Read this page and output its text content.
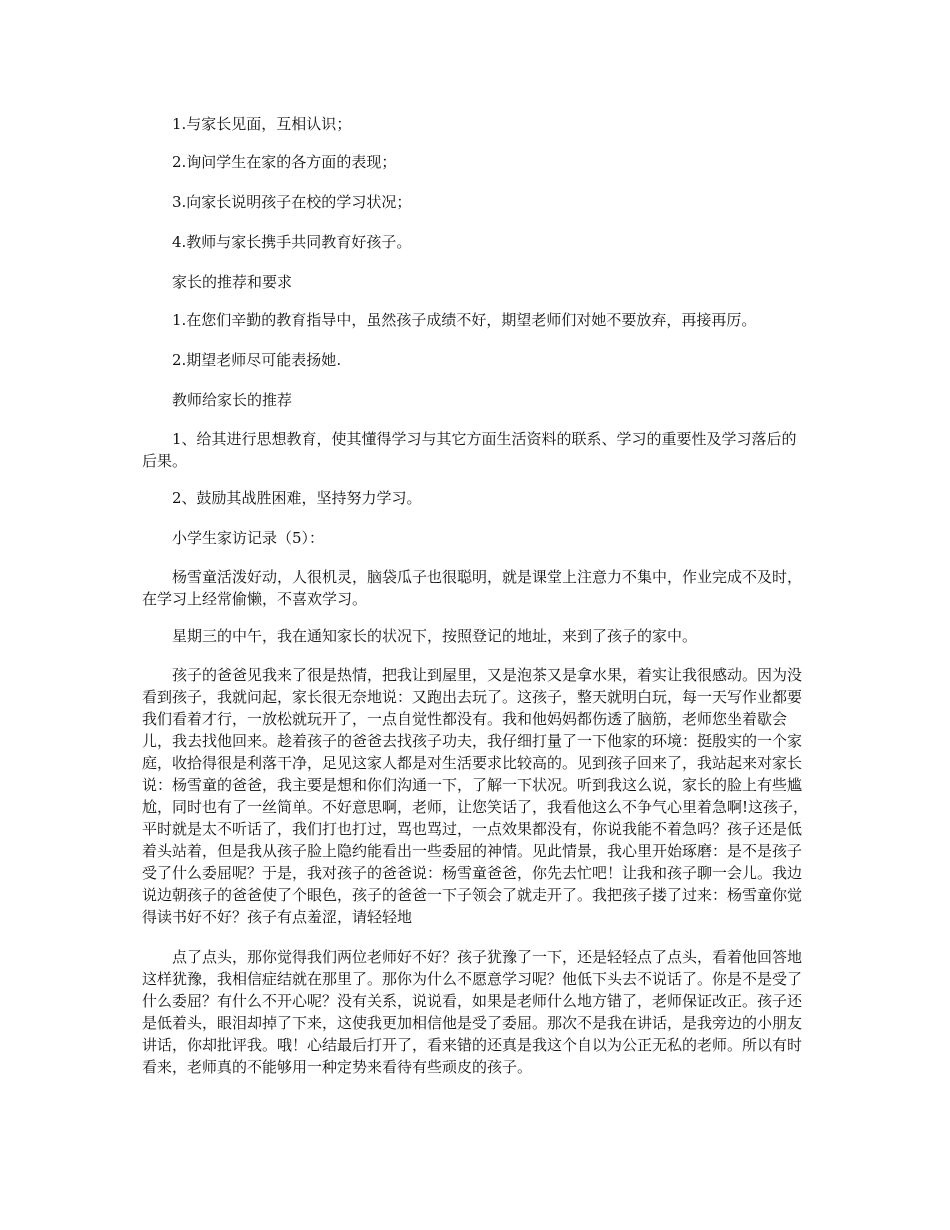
1.与家长见面，互相认识；

2.询问学生在家的各方面的表现；

3.向家长说明孩子在校的学习状况；

4.教师与家长携手共同教育好孩子。

家长的推荐和要求

1.在您们辛勤的教育指导中，虽然孩子成绩不好，期望老师们对她不要放弃，再接再厉。

2.期望老师尽可能表扬她.

教师给家长的推荐

1、给其进行思想教育，使其懂得学习与其它方面生活资料的联系、学习的重要性及学习落后的后果。

2、鼓励其战胜困难，坚持努力学习。

小学生家访记录（5）：

杨雪童活泼好动，人很机灵，脑袋瓜子也很聪明，就是课堂上注意力不集中，作业完成不及时，在学习上经常偷懒，不喜欢学习。

星期三的中午，我在通知家长的状况下，按照登记的地址，来到了孩子的家中。

孩子的爸爸见我来了很是热情，把我让到屋里，又是泡茶又是拿水果，着实让我很感动。因为没看到孩子，我就问起，家长很无奈地说：又跑出去玩了。这孩子，整天就明白玩，每一天写作业都要我们看着才行，一放松就玩开了，一点自觉性都没有。我和他妈妈都伤透了脑筋，老师您坐着歇会儿，我去找他回来。趁着孩子的爸爸去找孩子功夫，我仔细打量了一下他家的环境：挺殷实的一个家庭，收拾得很是利落干净，足见这家人都是对生活要求比较高的。见到孩子回来了，我站起来对家长说：杨雪童的爸爸，我主要是想和你们沟通一下，了解一下状况。听到我这么说，家长的脸上有些尴尬，同时也有了一丝简单。不好意思啊，老师，让您笑话了，我看他这么不争气心里着急啊!这孩子，平时就是太不听话了，我们打也打过，骂也骂过，一点效果都没有，你说我能不着急吗？孩子还是低着头站着，但是我从孩子脸上隐约能看出一些委屈的神情。见此情景，我心里开始琢磨：是不是孩子受了什么委屈呢？于是，我对孩子的爸爸说：杨雪童爸爸，你先去忙吧！让我和孩子聊一会儿。我边说边朝孩子的爸爸使了个眼色，孩子的爸爸一下子领会了就走开了。我把孩子搂了过来：杨雪童你觉得读书好不好？孩子有点羞涩，请轻轻地

点了点头，那你觉得我们两位老师好不好？孩子犹豫了一下，还是轻轻点了点头，看着他回答地这样犹豫，我相信症结就在那里了。那你为什么不愿意学习呢？他低下头去不说话了。你是不是受了什么委屈？有什么不开心呢？没有关系，说说看，如果是老师什么地方错了，老师保证改正。孩子还是低着头，眼泪却掉了下来，这使我更加相信他是受了委屈。那次不是我在讲话，是我旁边的小朋友讲话，你却批评我。哦！心结最后打开了，看来错的还真是我这个自以为公正无私的老师。所以有时看来，老师真的不能够用一种定势来看待有些顽皮的孩子。
